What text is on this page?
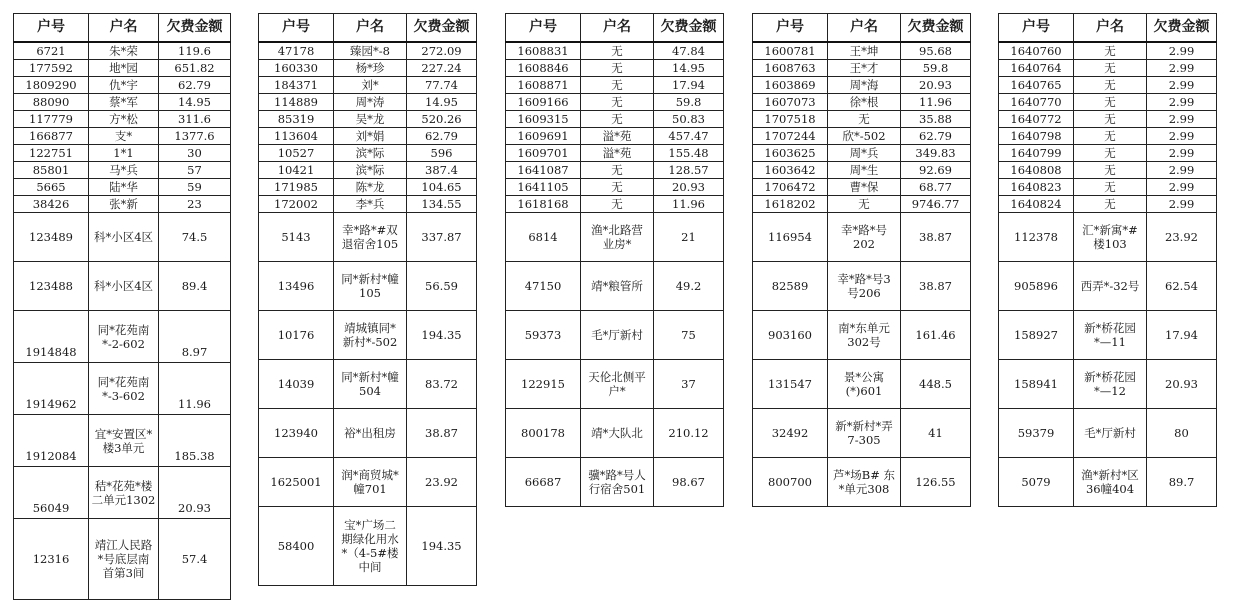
户号	户名	欠费金额
6721	朱*荣	119.6
177592	地*园	651.82
1809290	仇*宇	62.79
88090	蔡*军	14.95
117779	方*松	311.6
166877	支*	1377.6
122751	1*1	30
85801	马*兵	57
5665	陆*华	59
38426	张*新	23
123489	科*小区4区	74.5
123488	科*小区4区	89.4
1914848	同*花苑南
*-2-602	8.97
1914962	同*花苑南
*-3-602	11.96
1912084	宜*安置区*
楼3单元	185.38
56049	秸*花苑*楼
二单元1302	20.93
12316	靖江人民路
*号底层南
首第3间	57.4
户号	户名	欠费金额
47178	臻园*-8	272.09
160330	杨*珍	227.24
184371	刘*	77.74
114889	周*涛	14.95
85319	吴*龙	520.26
113604	刘*娟	62.79
10527	滨*际	596
10421	滨*际	387.4
171985	陈*龙	104.65
172002	李*兵	134.55
5143	幸*路*#双
退宿舍105	337.87
13496	同*新村*幢
105	56.59
10176	靖城镇同*
新村*-502	194.35
14039	同*新村*幢
504	83.72
123940	裕*出租房	38.87
1625001	润*商贸城*
幢701	23.92
58400	宝*广场二
期绿化用水
*（4-5#楼
中间	194.35
户号	户名	欠费金额
1608831	无	47.84
1608846	无	14.95
1608871	无	17.94
1609166	无	59.8
1609315	无	50.83
1609691	溢*苑	457.47
1609701	溢*苑	155.48
1641087	无	128.57
1641105	无	20.93
1618168	无	11.96
6814	渔*北路营
业房*	21
47150	靖*粮管所	49.2
59373	毛*厅新村	75
122915	天伦北侧平
户*	37
800178	靖*大队北	210.12
66687	骥*路*号人
行宿舍501	98.67
户号	户名	欠费金额
1600781	王*坤	95.68
1608763	王*才	59.8
1603869	周*海	20.93
1607073	徐*根	11.96
1707518	无	35.88
1707244	欣*-502	62.79
1603625	周*兵	349.83
1603642	周*生	92.69
1706472	曹*保	68.77
1618202	无	9746.77
116954	幸*路*号
202	38.87
82589	幸*路*号3
号206	38.87
903160	南*东单元
302号	161.46
131547	景*公寓
(*)601	448.5
32492	新*新村*弄
7-305	41
800700	芦*场B# 东
*单元308	126.55
户号	户名	欠费金额
1640760	无	2.99
1640764	无	2.99
1640765	无	2.99
1640770	无	2.99
1640772	无	2.99
1640798	无	2.99
1640799	无	2.99
1640808	无	2.99
1640823	无	2.99
1640824	无	2.99
112378	汇*新寓*#
楼103	23.92
905896	西弄*-32号	62.54
158927	新*桥花园
*—11	17.94
158941	新*桥花园
*—12	20.93
59379	毛*厅新村	80
5079	渔*新村*区
36幢404	89.7
